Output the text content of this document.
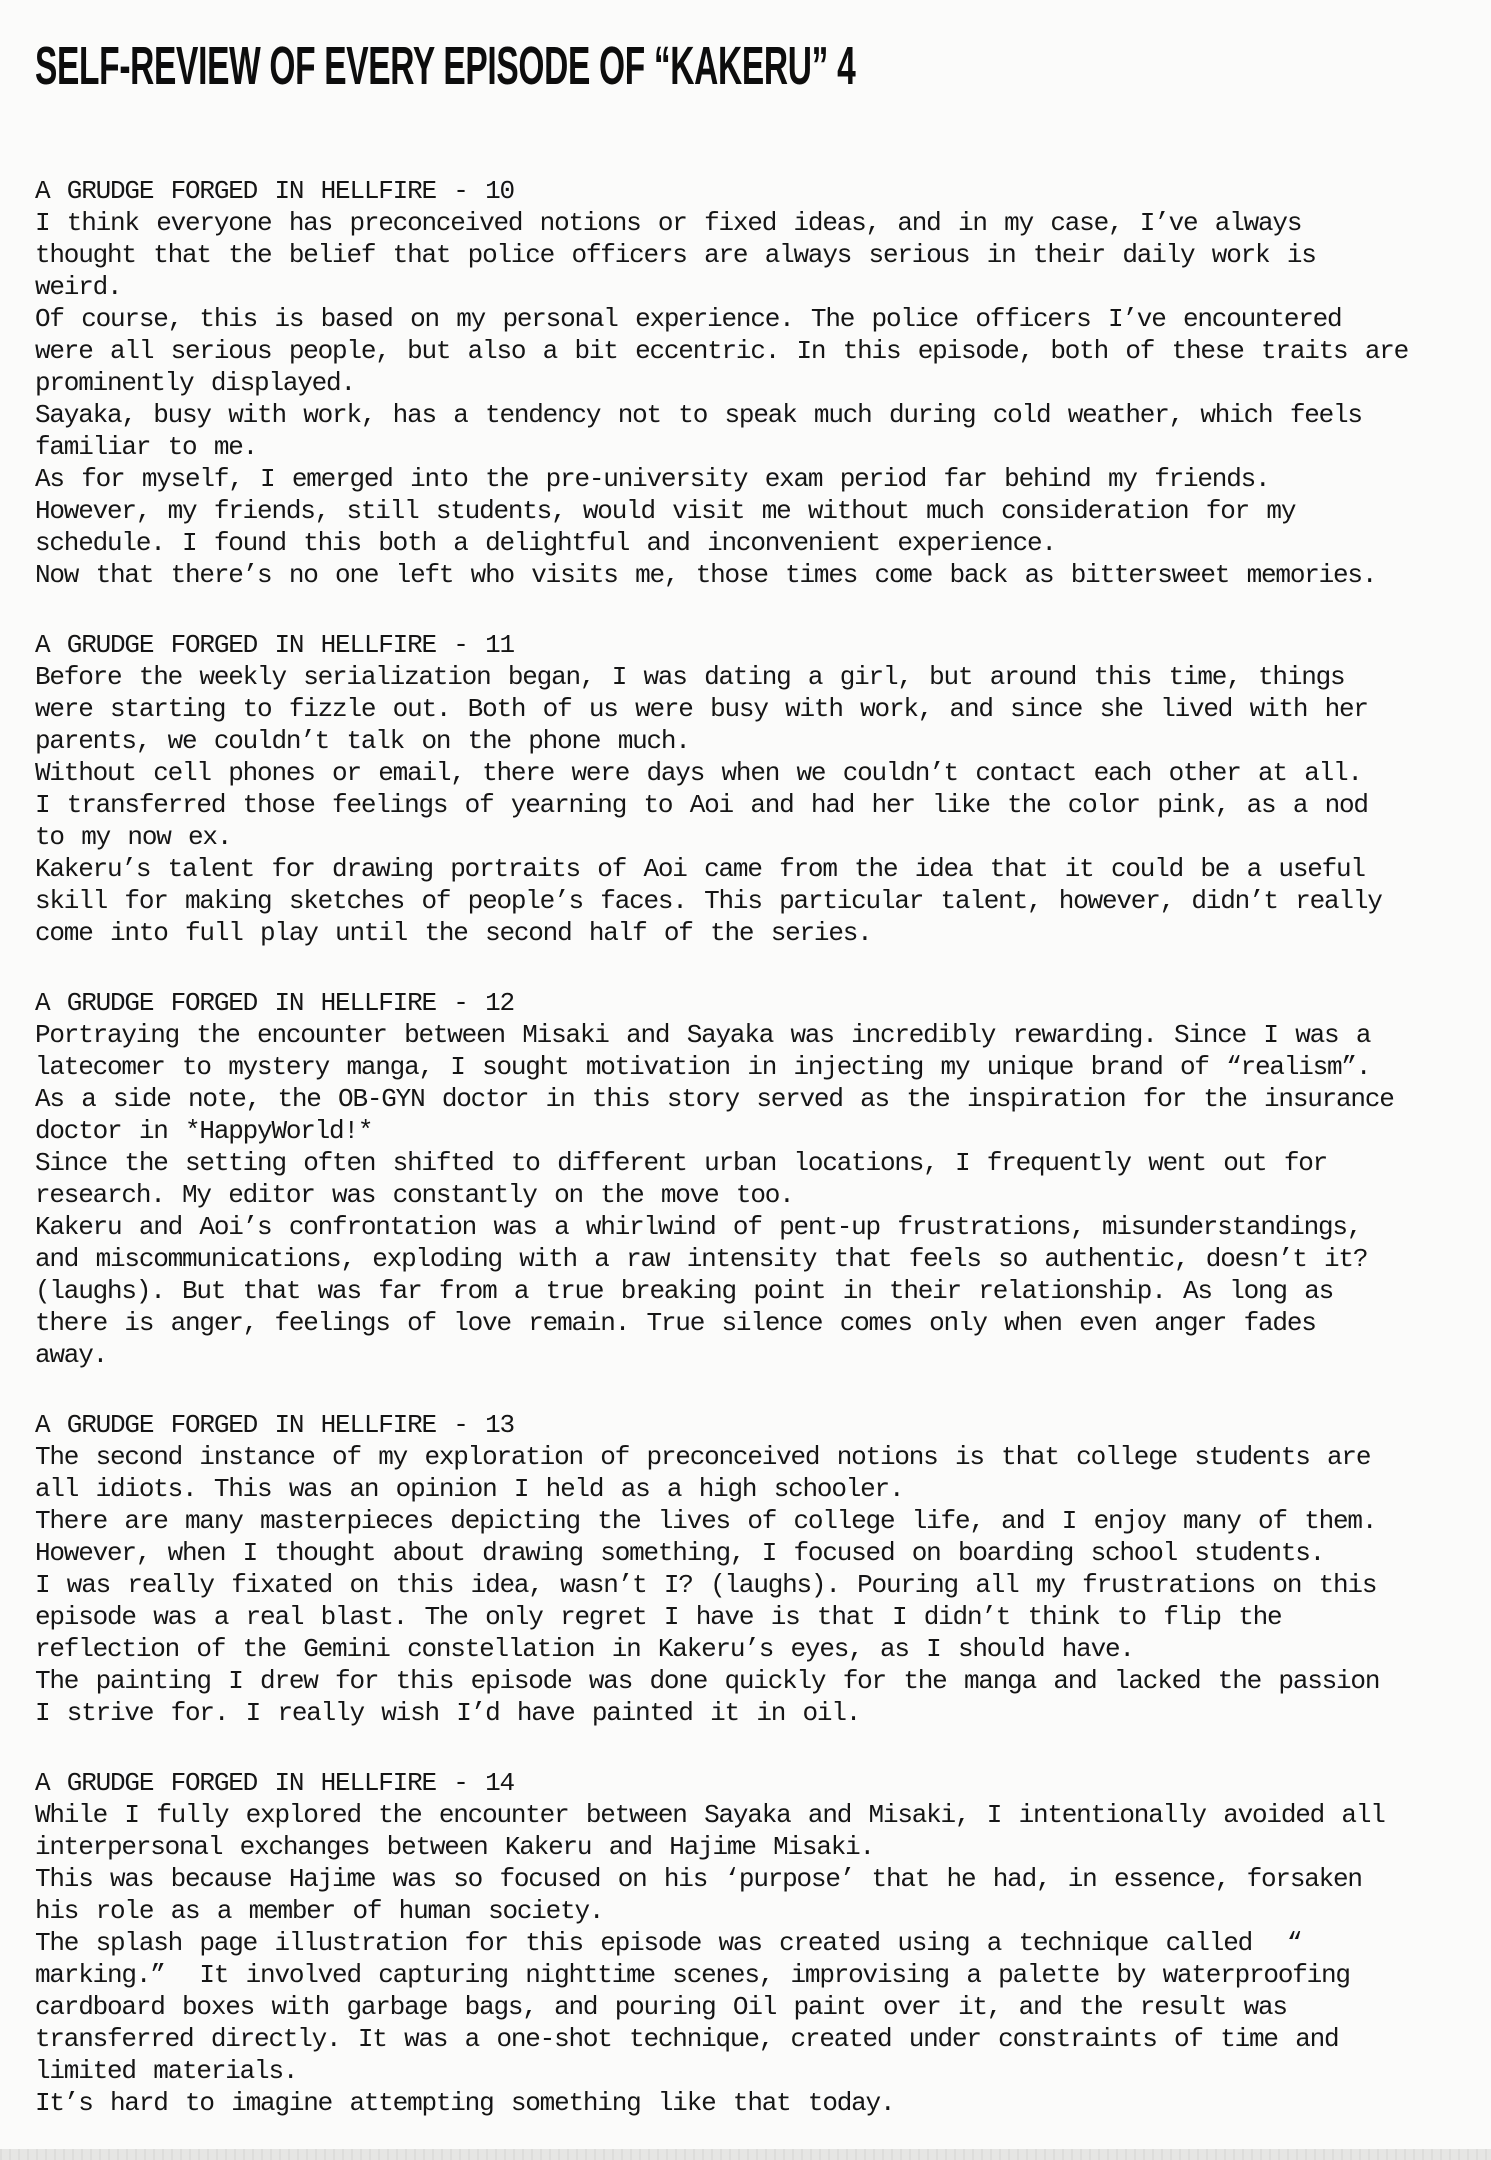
SELF-REVIEW OF EVERY EPISODE OF “KAKERU” 4
A GRUDGE FORGED IN HELLFIRE - 10
I think everyone has preconceived notions or fixed ideas, and in my case, I’ve always
thought that the belief that police officers are always serious in their daily work is
weird.
Of course, this is based on my personal experience. The police officers I’ve encountered
were all serious people, but also a bit eccentric. In this episode, both of these traits are
prominently displayed.
Sayaka, busy with work, has a tendency not to speak much during cold weather, which feels
familiar to me.
As for myself, I emerged into the pre-university exam period far behind my friends.
However, my friends, still students, would visit me without much consideration for my
schedule. I found this both a delightful and inconvenient experience.
Now that there’s no one left who visits me, those times come back as bittersweet memories.
A GRUDGE FORGED IN HELLFIRE - 11
Before the weekly serialization began, I was dating a girl, but around this time, things
were starting to fizzle out. Both of us were busy with work, and since she lived with her
parents, we couldn’t talk on the phone much.
Without cell phones or email, there were days when we couldn’t contact each other at all.
I transferred those feelings of yearning to Aoi and had her like the color pink, as a nod
to my now ex.
Kakeru’s talent for drawing portraits of Aoi came from the idea that it could be a useful
skill for making sketches of people’s faces. This particular talent, however, didn’t really
come into full play until the second half of the series.
A GRUDGE FORGED IN HELLFIRE - 12
Portraying the encounter between Misaki and Sayaka was incredibly rewarding. Since I was a
latecomer to mystery manga, I sought motivation in injecting my unique brand of “realism”.
As a side note, the OB-GYN doctor in this story served as the inspiration for the insurance
doctor in *HappyWorld!*
Since the setting often shifted to different urban locations, I frequently went out for
research. My editor was constantly on the move too.
Kakeru and Aoi’s confrontation was a whirlwind of pent-up frustrations, misunderstandings,
and miscommunications, exploding with a raw intensity that feels so authentic, doesn’t it?
(laughs). But that was far from a true breaking point in their relationship. As long as
there is anger, feelings of love remain. True silence comes only when even anger fades
away.
A GRUDGE FORGED IN HELLFIRE - 13
The second instance of my exploration of preconceived notions is that college students are
all idiots. This was an opinion I held as a high schooler.
There are many masterpieces depicting the lives of college life, and I enjoy many of them.
However, when I thought about drawing something, I focused on boarding school students.
I was really fixated on this idea, wasn’t I? (laughs). Pouring all my frustrations on this
episode was a real blast. The only regret I have is that I didn’t think to flip the
reflection of the Gemini constellation in Kakeru’s eyes, as I should have.
The painting I drew for this episode was done quickly for the manga and lacked the passion
I strive for. I really wish I’d have painted it in oil.
A GRUDGE FORGED IN HELLFIRE - 14
While I fully explored the encounter between Sayaka and Misaki, I intentionally avoided all
interpersonal exchanges between Kakeru and Hajime Misaki.
This was because Hajime was so focused on his ‘purpose’ that he had, in essence, forsaken
his role as a member of human society.
The splash page illustration for this episode was created using a technique called  “
marking.”  It involved capturing nighttime scenes, improvising a palette by waterproofing
cardboard boxes with garbage bags, and pouring Oil paint over it, and the result was
transferred directly. It was a one-shot technique, created under constraints of time and
limited materials.
It’s hard to imagine attempting something like that today.
